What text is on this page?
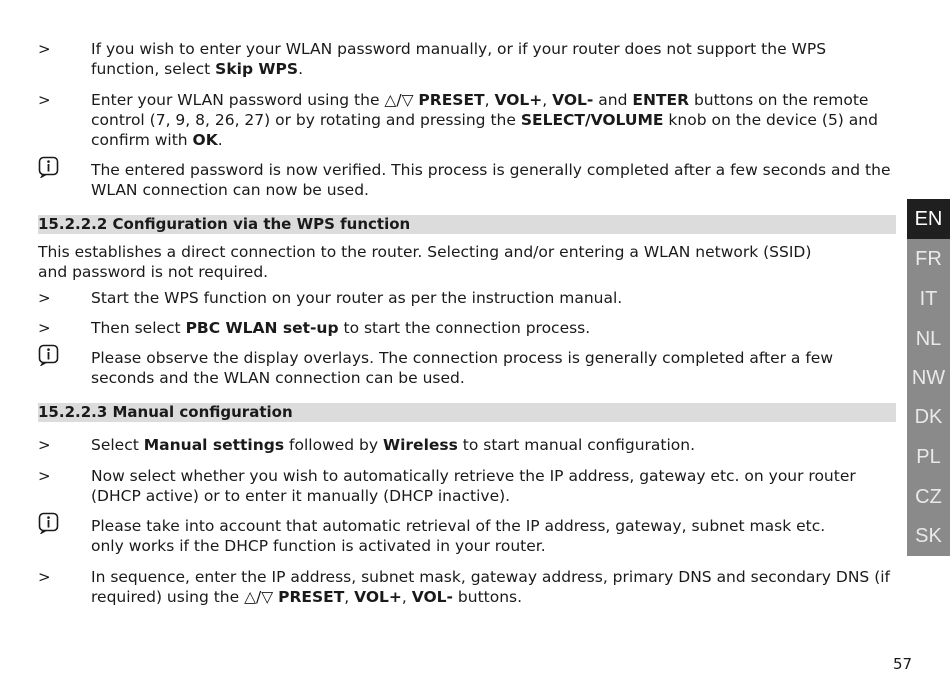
>	If you wish to enter your WLAN password manually, or if your router does not support the WPS function, select Skip WPS.
>	Enter your WLAN password using the △/▽ PRESET, VOL+, VOL- and ENTER buttons on the remote control (7, 9, 8, 26, 27) or by rotating and pressing the SELECT/VOLUME knob on the device (5) and confirm with OK.
The entered password is now verified. This process is generally completed after a few seconds and the WLAN connection can now be used.
15.2.2.2 Configuration via the WPS function
This establishes a direct connection to the router. Selecting and/or entering a WLAN network (SSID) and password is not required.
>	Start the WPS function on your router as per the instruction manual.
>	Then select PBC WLAN set-up to start the connection process.
Please observe the display overlays. The connection process is generally completed after a few seconds and the WLAN connection can be used.
15.2.2.3 Manual configuration
>	Select Manual settings followed by Wireless to start manual configuration.
>	Now select whether you wish to automatically retrieve the IP address, gateway etc. on your router (DHCP active) or to enter it manually (DHCP inactive).
Please take into account that automatic retrieval of the IP address, gateway, subnet mask etc. only works if the DHCP function is activated in your router.
>	In sequence, enter the IP address, subnet mask, gateway address, primary DNS and secondary DNS (if required) using the △/▽ PRESET, VOL+, VOL- buttons.
EN
FR
IT
NL
NW
DK
PL
CZ
SK
57
